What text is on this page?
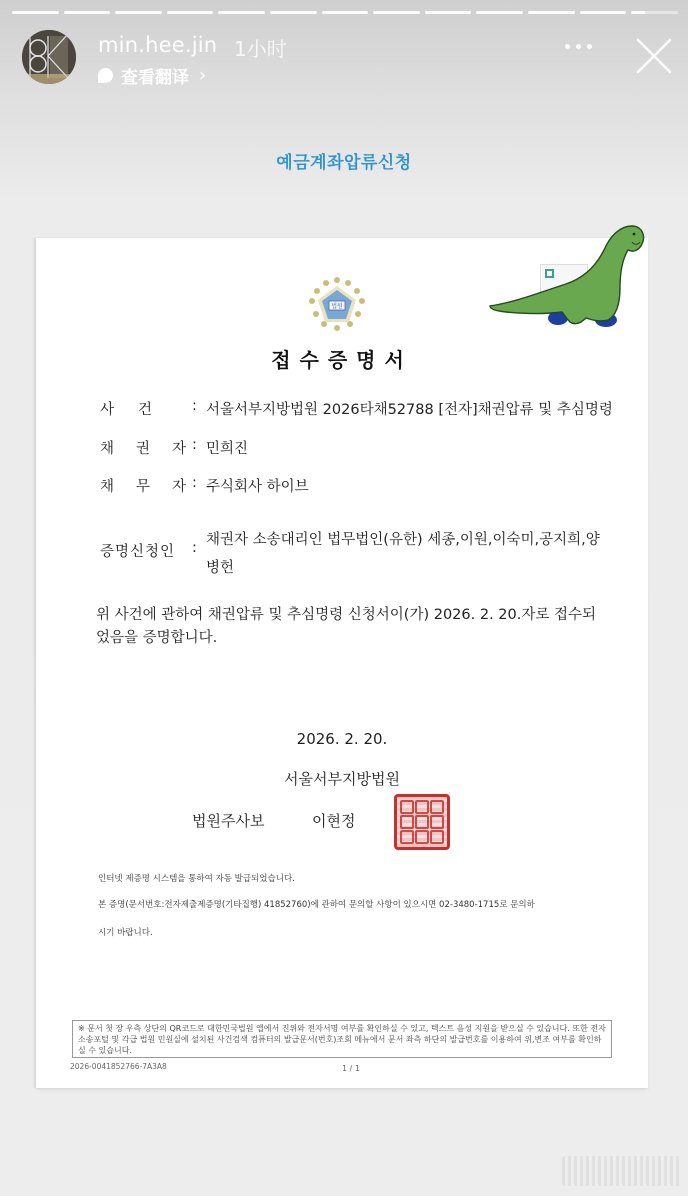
min.hee.jin 1小时
查看翻译 ›
예금계좌압류신청
법원
접수증명서
사 건	: 서울서부지방법원 2026타채52788 [전자]채권압류 및 추심명령
채 권 자 : 민희진
채 무 자 : 주식회사 하이브
증명신청인 : 채권자 소송대리인 법무법인(유한) 세종,이원,이숙미,공지희,양병헌
위 사건에 관하여 채권압류 및 추심명령 신청서이(가) 2026. 2. 20.자로 접수되었음을 증명합니다.
2026. 2. 20.
서울서부지방법원
법원주사보	이현정
인터넷 제증명 시스템을 통하여 자동 발급되었습니다.
본 증명(문서번호:전자제출제증명(기타집행) 41852760)에 관하여 문의할 사항이 있으시면 02-3480-1715로 문의하
시기 바랍니다.
※ 문서 첫 장 우측 상단의 QR코드로 대한민국법원 앱에서 진위와 전자서명 여부를 확인하실 수 있고, 텍스트 음성 지원을 받으실 수 있습니다. 또한 전자소송포털 및 각급 법원 민원실에 설치된 사건검색 컴퓨터의 발급문서(번호)조회 메뉴에서 문서 좌측 하단의 발급번호를 이용하여 위,변조 여부를 확인하실 수 있습니다.
2026-0041852766-7A3A8	1 / 1
